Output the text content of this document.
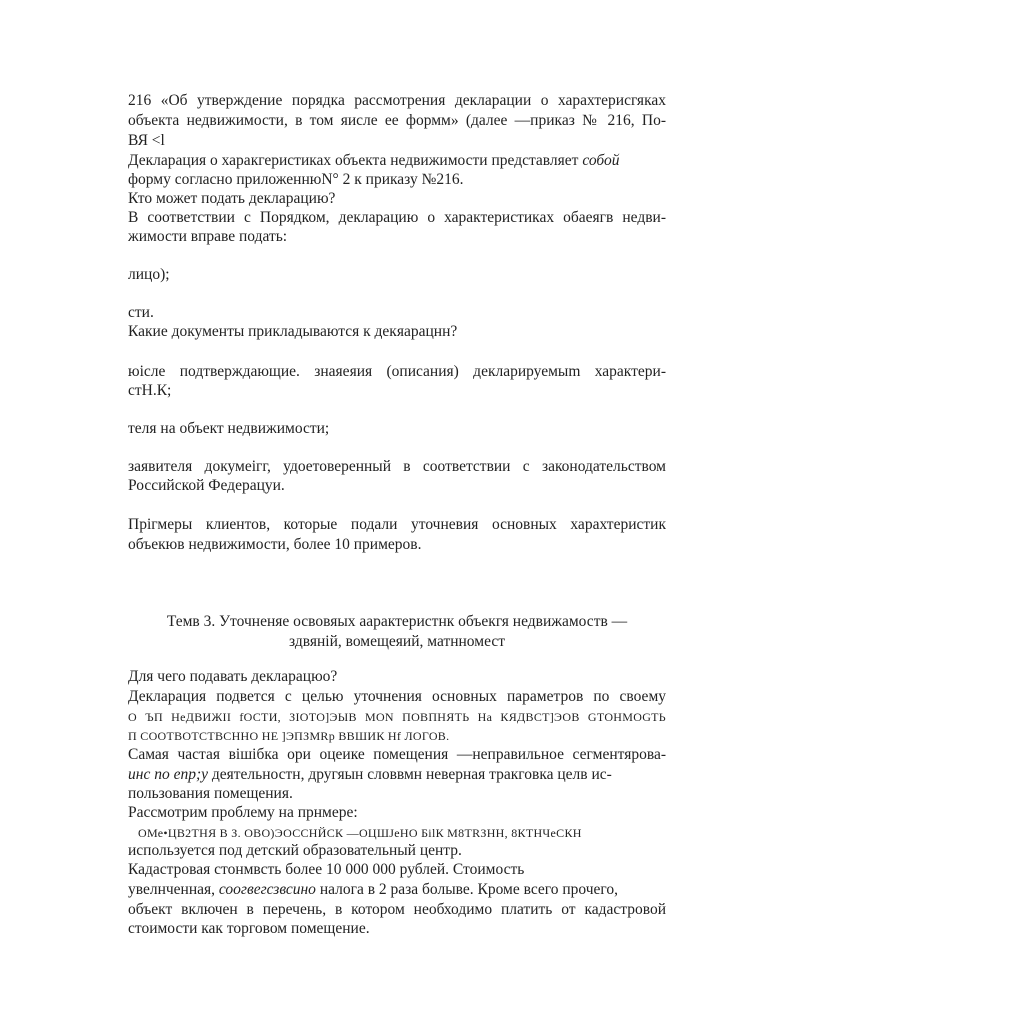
216 «Об утверждение порядка рассмотрения декларации о харахтерисгяках
объекта недвижимости, в том яисле ее формм» (далее —приказ № 216, По-
ВЯ <l
Декларация о харакгеристиках объекта недвижимости представляет собой
форму согласно приложеннюN° 2 к приказу №216.
Кто может подать декларацию?
В соответствии с Порядком, декларацию о характеристиках обаеягв недви-
жимости вправе подать:
лицо);
сти.
Какие документы прикладываются к декяарацнн?
юісле подтверждающие. знаяеяия (описания) декларируемыm характери-
стН.К;
теля на объект недвижимости;
заявителя докумеігг, удоетоверенный в соответствии с законодательством
Российской Федерацуи.
Прігмеры клиентов, которые подали уточневия основных харахтеристик
объекюв недвижимости, более 10 примеров.
Темв 3. Уточненяе освовяых аарактеристнк объекгя недвижамоств —
здвяній, вомещеяий, матнномест
Для чего подавать декларацюо?
Декларация подвется с целью уточнения основных параметров по своему
О ЪП НеДВИЖІІ fОСТИ, ЗIОТО]ЭЫВ МОN ПОВПНЯТЬ На КЯДВСТ]ЭОВ GТОНМОGТЬ
П СООТВОТСТВСННО НЕ ]ЭПЗМRр ВВШИК Нf ЛОГОВ.
Самая частая вішібка ори оцеике помещения —неправильное сегментярова-
инс по епр;у деятельностн, другяын словвмн неверная тракговка целв ис-
пользования помещения.
Рассмотрим проблему на прнмере:
ОМе•ЦВ2ТНЯ В З. ОВО)ЭОССНЙСК —ОЦШJеНО БilК М8ТRЗНН, 8КТНЧеСКН
используется под детский образовательный центр.
Кадастровая стонмвсть более 10 000 000 рублей. Стоимость
увелнченная, соогвегсзвсино налога в 2 раза болыве. Кроме всего прочего,
объект включен в перечень, в котором необходимо платить от кадастровой
стоимости как торговом помещение.
